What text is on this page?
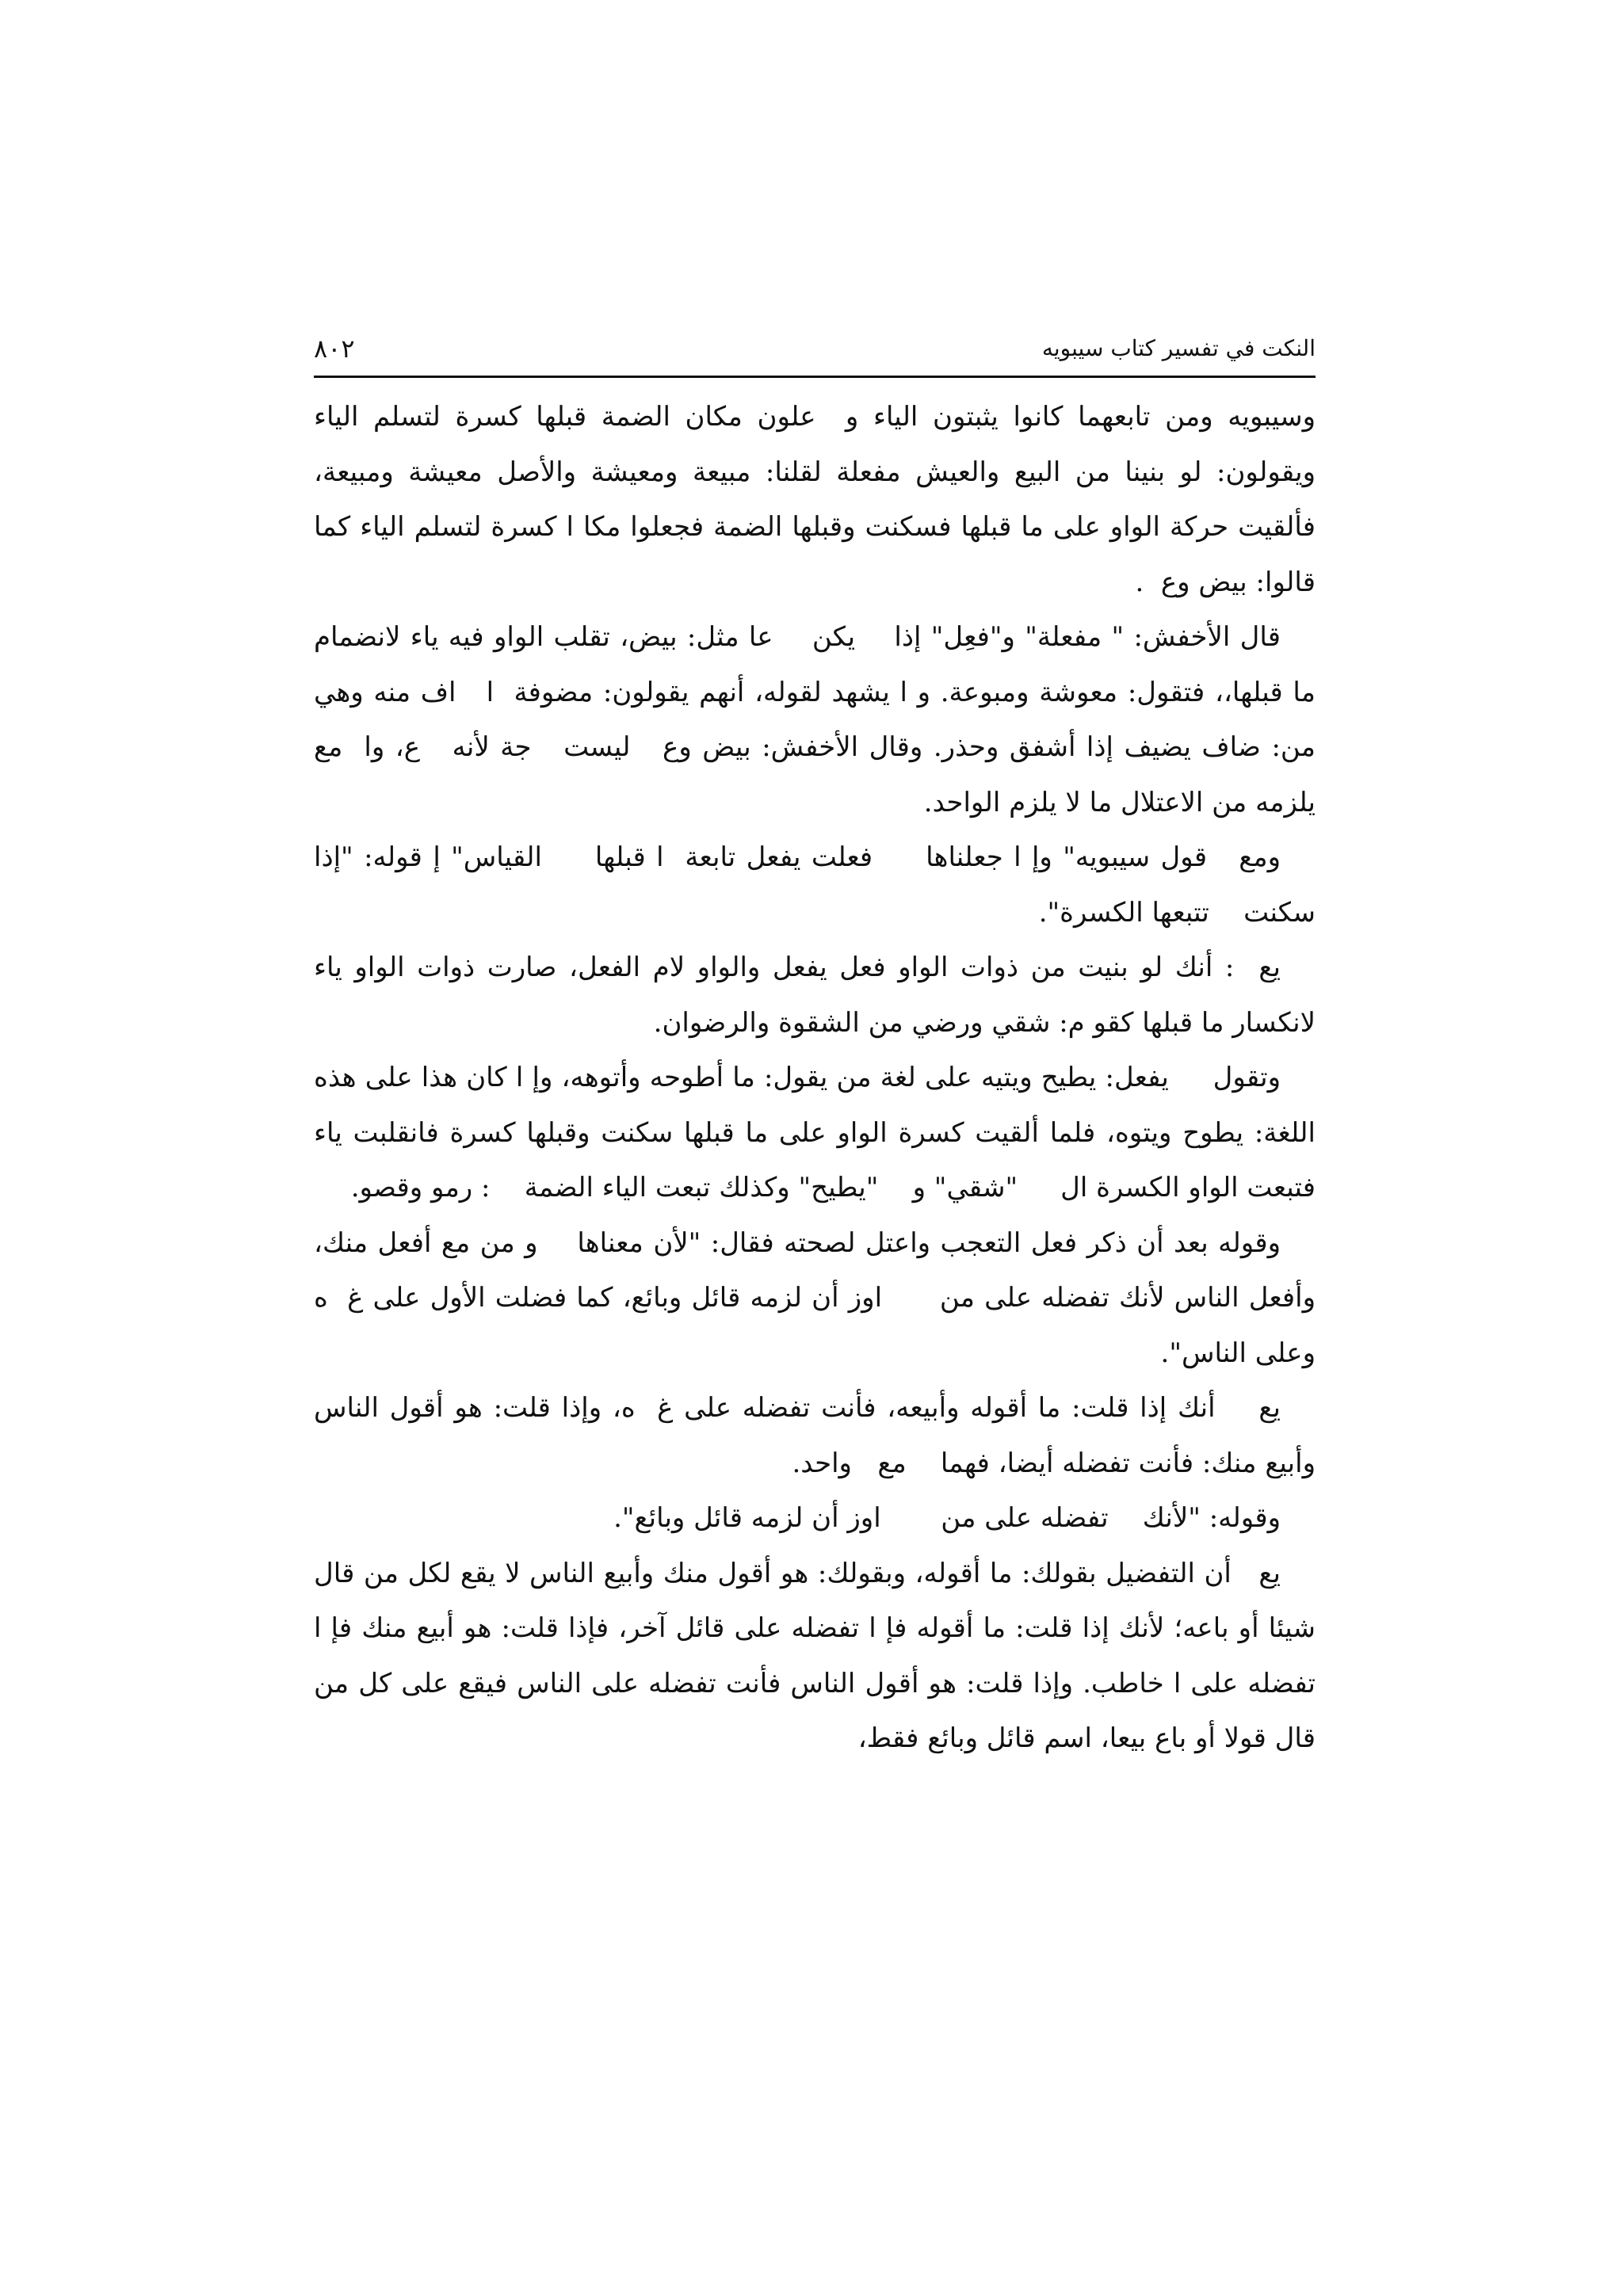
النكت في تفسير كتاب سيبويه
٨٠٢

وسيبويه ومن تابعهما كانوا يثبتون الياء و  علون مكان الضمة قبلها كسرة لتسلم الياء ويقولون: لو بنينا من البيع والعيش مفعلة لقلنا: مبيعة ومعيشة والأصل معيشة ومبيعة، فألقيت حركة الواو على ما قبلها فسكنت وقبلها الضمة فجعلوا مكا ا كسرة لتسلم الياء كما قالوا: بيض وع  .

قال الأخفش: " مفعلة" و"فعِل" إذا    يكن    عا مثل: بيض، تقلب الواو فيه ياء لانضمام ما قبلها،، فتقول: معوشة ومبوعة. و ا يشهد لقوله، أنهم يقولون: مضوفة  ا   اف منه وهي من: ضاف يضيف إذا أشفق وحذر. وقال الأخفش: بيض وع   ليست   جة لأنه   ع، وا  مع يلزمه من الاعتلال ما لا يلزم الواحد.

ومع   قول سيبويه" وإ ا جعلناها     فعلت يفعل تابعة  ا قبلها     القياس" إ قوله: "إذا سكنت    تتبعها الكسرة".

يع  : أنك لو بنيت من ذوات الواو فعل يفعل والواو لام الفعل، صارت ذوات الواو ياء لانكسار ما قبلها كقو م: شقي ورضي من الشقوة والرضوان.

وتقول     يفعل: يطيح ويتيه على لغة من يقول: ما أطوحه وأتوهه، وإ ا كان هذا على هذه اللغة: يطوح ويتوه، فلما ألقيت كسرة الواو على ما قبلها سكنت وقبلها كسرة فانقلبت ياء فتبعت الواو الكسرة ال     "شقي" و    "يطيح" وكذلك تبعت الياء الضمة    : رمو وقصو.

وقوله بعد أن ذكر فعل التعجب واعتل لصحته فقال: "لأن معناها    و من مع أفعل منك، وأفعل الناس لأنك تفضله على من      اوز أن لزمه قائل وبائع، كما فضلت الأول على غ  ه وعلى الناس".

يع    أنك إذا قلت: ما أقوله وأبيعه، فأنت تفضله على غ  ه، وإذا قلت: هو أقول الناس وأبيع منك: فأنت تفضله أيضا، فهما    مع   واحد.

وقوله: "لأنك    تفضله على من       اوز أن لزمه قائل وبائع".

يع   أن التفضيل بقولك: ما أقوله، وبقولك: هو أقول منك وأبيع الناس لا يقع لكل من قال شيئا أو باعه؛ لأنك إذا قلت: ما أقوله فإ ا تفضله على قائل آخر، فإذا قلت: هو أبيع منك فإ ا تفضله على ا خاطب. وإذا قلت: هو أقول الناس فأنت تفضله على الناس فيقع على كل من قال قولا أو باع بيعا، اسم قائل وبائع فقط،
